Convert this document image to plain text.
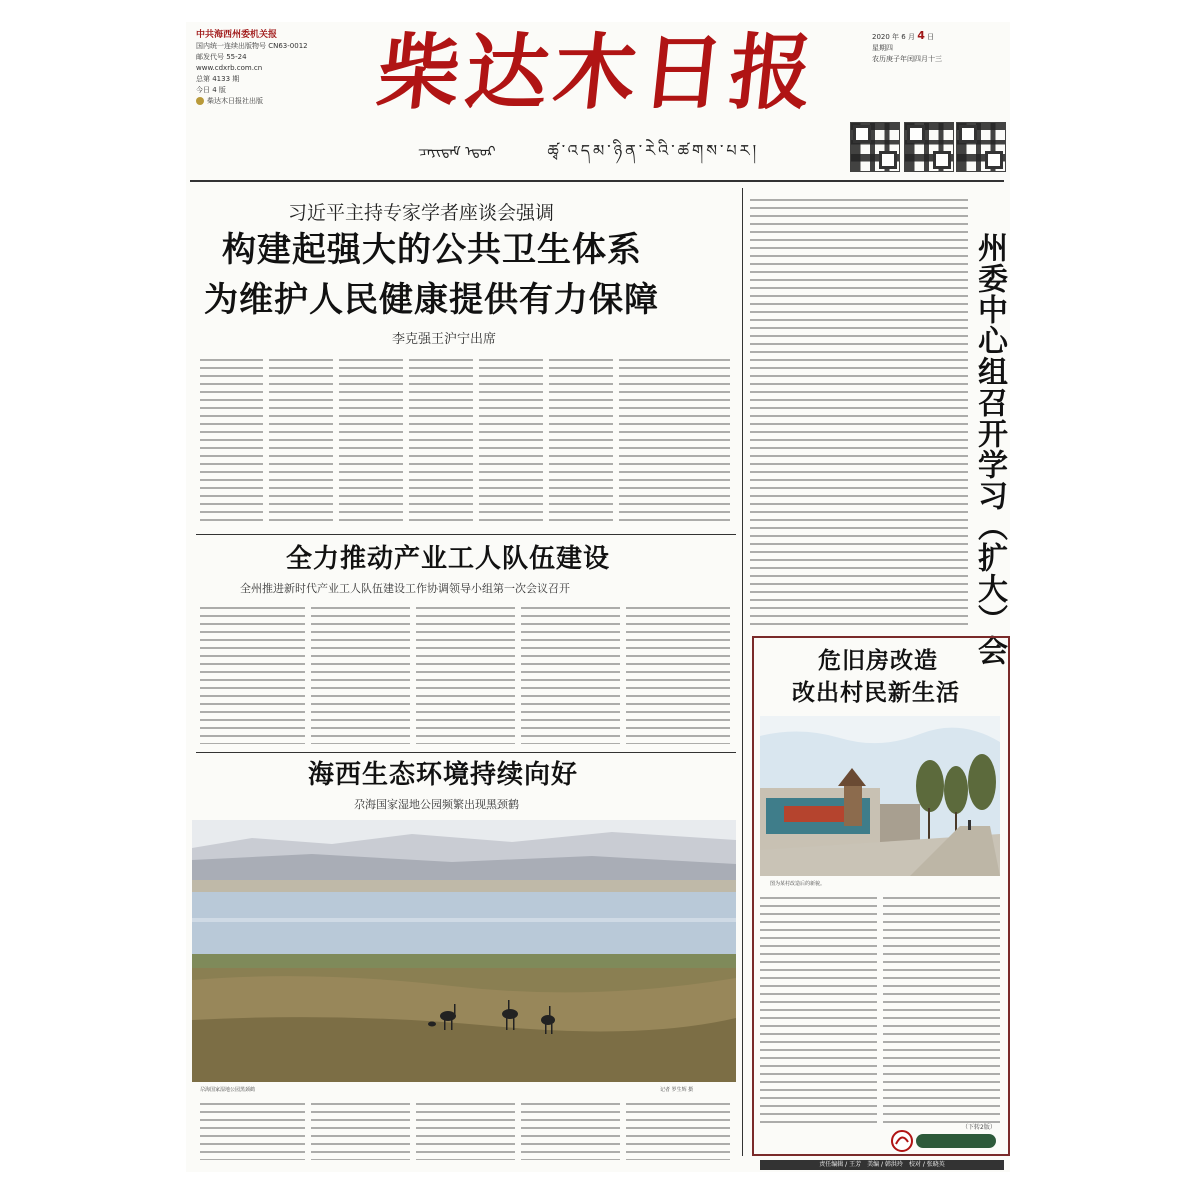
中共海西州委机关报
国内统一连续出版物号 CN63-0012
邮发代号 55-24
www.cdxrb.com.cn
总第 4133 期
今日 4 版
柴达木日报社出版	柴达木日报
ᠴᠠᠶᠢᠳᠠᠮ ᠡᠳᠦᠷ	ཚྭ་འདམ་ཉིན་རེའི་ཚགས་པར།
2020 年 6 月 4 日
星期四
农历庚子年闰四月十三
习近平主持专家学者座谈会强调
构建起强大的公共卫生体系
为维护人民健康提供有力保障
李克强王沪宁出席
全力推动产业工人队伍建设
全州推进新时代产业工人队伍建设工作协调领导小组第一次会议召开
海西生态环境持续向好
尕海国家湿地公园频繁出现黑颈鹤
尕海国家湿地公园黑颈鹤	记者 罗生辉 摄
州委中心组召开学习（扩大）会
危旧房改造
改出村民新生活
图为某村改造后的新貌。
（下转2版）
责任编辑 / 王芳　美编 / 韩洪玲　校对 / 张晓英
